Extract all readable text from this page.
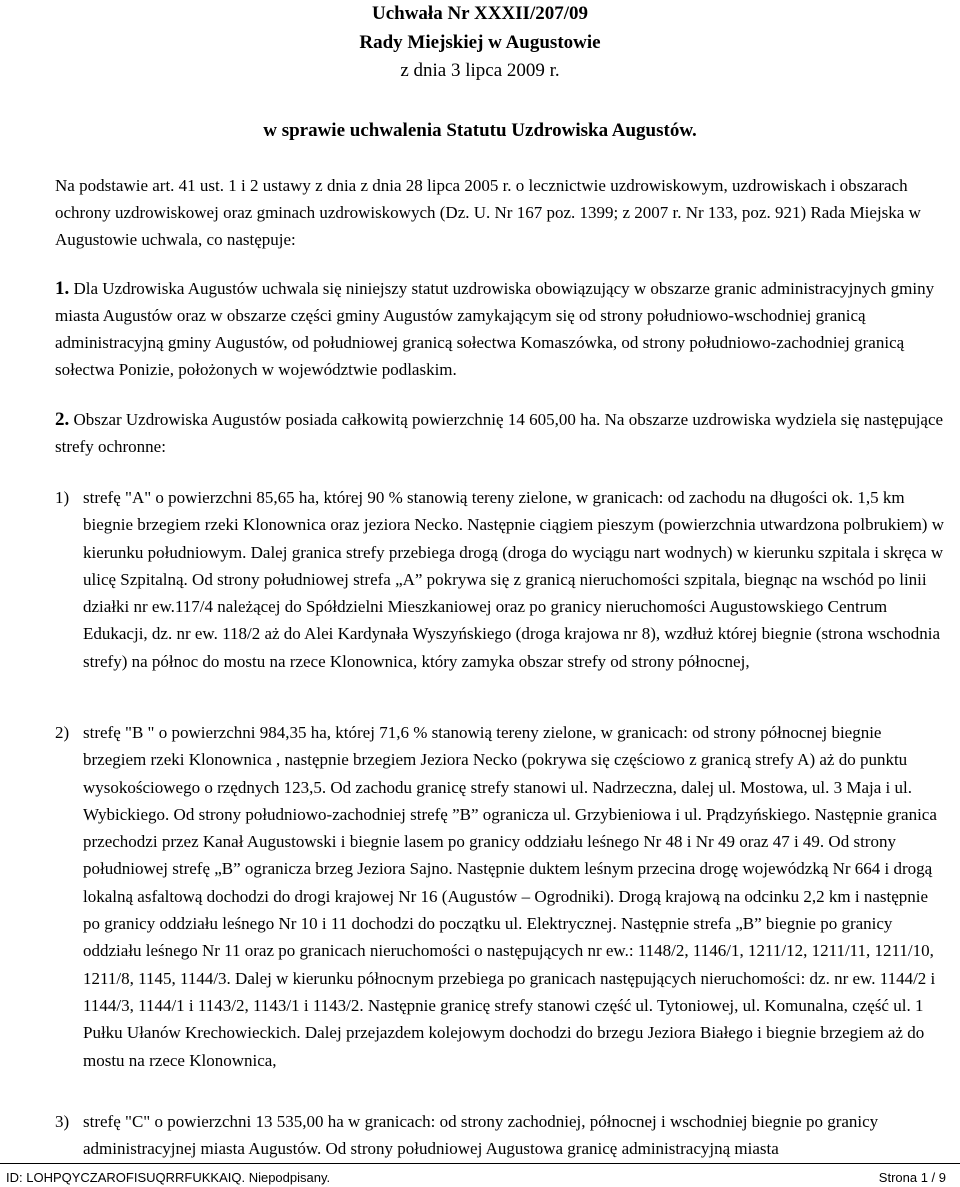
Uchwała Nr XXXII/207/09
Rady Miejskiej w Augustowie
z dnia 3 lipca 2009 r.
w sprawie uchwalenia Statutu Uzdrowiska Augustów.
Na podstawie art. 41 ust. 1 i 2 ustawy z dnia z dnia 28 lipca 2005 r. o lecznictwie uzdrowiskowym, uzdrowiskach i obszarach ochrony uzdrowiskowej oraz gminach uzdrowiskowych (Dz. U. Nr 167 poz. 1399; z 2007 r. Nr 133, poz. 921) Rada Miejska w Augustowie uchwala, co następuje:
1. Dla Uzdrowiska Augustów uchwala się niniejszy statut uzdrowiska obowiązujący w obszarze granic administracyjnych gminy miasta Augustów oraz w obszarze części gminy Augustów zamykającym się od strony południowo-wschodniej granicą administracyjną gminy Augustów, od południowej granicą sołectwa Komaszówka, od strony południowo-zachodniej granicą sołectwa Ponizie, położonych w województwie podlaskim.
2. Obszar Uzdrowiska Augustów posiada całkowitą powierzchnię 14 605,00 ha. Na obszarze uzdrowiska wydziela się następujące strefy ochronne:
1) strefę "A" o powierzchni 85,65 ha, której 90 % stanowią tereny zielone, w granicach: od zachodu na długości ok. 1,5 km biegnie brzegiem rzeki Klonownica oraz jeziora Necko. Następnie ciągiem pieszym (powierzchnia utwardzona polbrukiem) w kierunku południowym. Dalej granica strefy przebiega drogą (droga do wyciągu nart wodnych) w kierunku szpitala i skręca w ulicę Szpitalną. Od strony południowej strefa „A” pokrywa się z granicą nieruchomości szpitala, biegnąc na wschód po linii działki nr ew.117/4 należącej do Spółdzielni Mieszkaniowej oraz po granicy nieruchomości Augustowskiego Centrum Edukacji, dz. nr ew. 118/2 aż do Alei Kardynała Wyszyńskiego (droga krajowa nr 8), wzdłuż której biegnie (strona wschodnia strefy) na północ do mostu na rzece Klonownica, który zamyka obszar strefy od strony północnej,
2) strefę "B " o powierzchni 984,35 ha, której 71,6 % stanowią tereny zielone, w granicach: od strony północnej biegnie brzegiem rzeki Klonownica , następnie brzegiem Jeziora Necko (pokrywa się częściowo z granicą strefy A) aż do punktu wysokościowego o rzędnych 123,5. Od zachodu granicę strefy stanowi ul. Nadrzeczna, dalej ul. Mostowa, ul. 3 Maja i ul. Wybickiego. Od strony południowo-zachodniej strefę ”B” ogranicza ul. Grzybieniowa i ul. Prądzyńskiego. Następnie granica przechodzi przez Kanał Augustowski i biegnie lasem po granicy oddziału leśnego Nr 48 i Nr 49 oraz 47 i 49. Od strony południowej strefę „B” ogranicza brzeg Jeziora Sajno. Następnie duktem leśnym przecina drogę wojewódzką Nr 664 i drogą lokalną asfaltową dochodzi do drogi krajowej Nr 16 (Augustów – Ogrodniki). Drogą krajową na odcinku 2,2 km i następnie po granicy oddziału leśnego Nr 10 i 11 dochodzi do początku ul. Elektrycznej. Następnie strefa „B” biegnie po granicy oddziału leśnego Nr 11 oraz po granicach nieruchomości o następujących nr ew.: 1148/2, 1146/1, 1211/12, 1211/11, 1211/10, 1211/8, 1145, 1144/3. Dalej w kierunku północnym przebiega po granicach następujących nieruchomości: dz. nr ew. 1144/2 i 1144/3, 1144/1 i 1143/2, 1143/1 i 1143/2. Następnie granicę strefy stanowi część ul. Tytoniowej, ul. Komunalna, część ul. 1 Pułku Ułanów Krechowieckich. Dalej przejazdem kolejowym dochodzi do brzegu Jeziora Białego i biegnie brzegiem aż do mostu na rzece Klonownica,
3) strefę "C" o powierzchni 13 535,00 ha w granicach: od strony zachodniej, północnej i wschodniej biegnie po granicy administracyjnej miasta Augustów. Od strony południowej Augustowa granicę administracyjną miasta
ID: LOHPQYCZAROFISUQRRFUKKAIQ. Niepodpisany.	Strona 1 / 9
